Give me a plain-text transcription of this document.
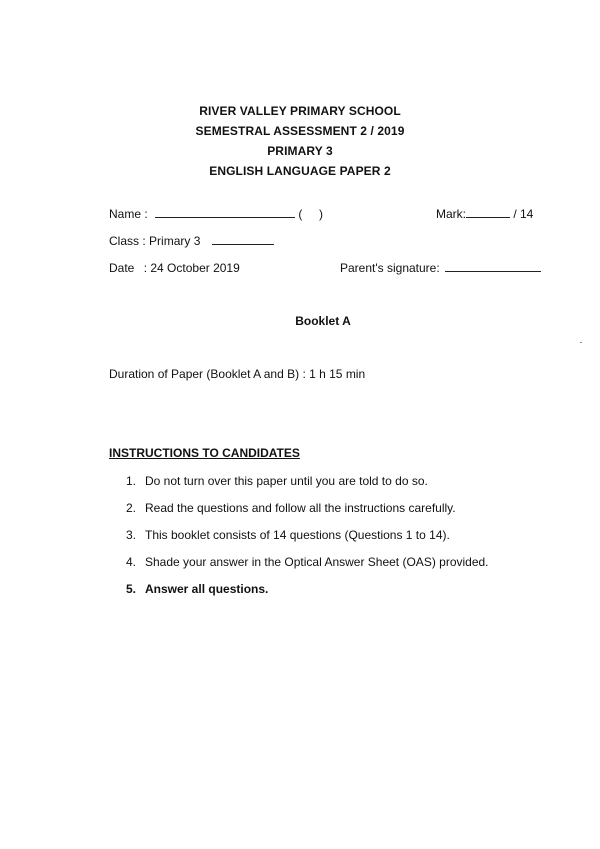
RIVER VALLEY PRIMARY SCHOOL
SEMESTRAL ASSESSMENT 2 / 2019
PRIMARY 3
ENGLISH LANGUAGE PAPER 2
Name :	(     )	Mark:	/ 14
Class : Primary 3
Date : 24 October 2019	Parent's signature:
Booklet A
Duration of Paper (Booklet A and B) : 1 h 15 min
INSTRUCTIONS TO CANDIDATES
1. Do not turn over this paper until you are told to do so.
2. Read the questions and follow all the instructions carefully.
3. This booklet consists of 14 questions (Questions 1 to 14).
4. Shade your answer in the Optical Answer Sheet (OAS) provided.
5. Answer all questions.
